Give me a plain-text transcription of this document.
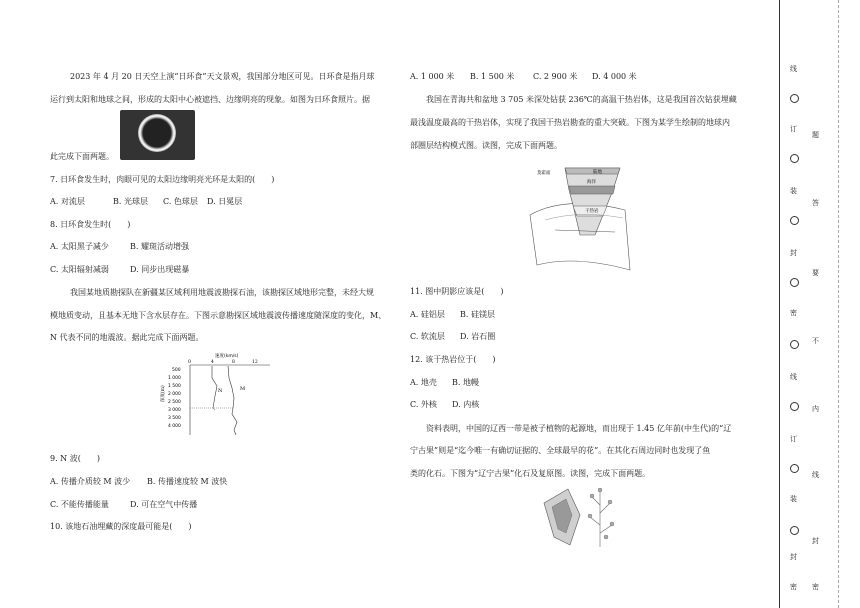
2023 年 4 月 20 日天空上演“日环食”天文景观，我国部分地区可见。日环食是指月球
运行到太阳和地球之间，形成的太阳中心被遮挡、边缘明亮的现象。如图为日环食照片。据
此完成下面两题。
7. 日环食发生时，肉眼可见的太阳边缘明亮光环是太阳的(　　)
A. 对流层	B. 光球层 C. 色球层 D. 日冕层
8. 日环食发生时(　　)
A. 太阳黑子减少	B. 耀斑活动增强
C. 太阳辐射减弱	D. 同步出现磁暴
我国某地质勘探队在新疆某区域利用地震波勘探石油，该勘探区域地形完整，未经大规
模地质变动，且基本无地下含水层存在。下图示意勘探区域地震波传播速度随深度的变化，M、
N 代表不同的地震波。据此完成下面两题。
速度(km/s)
0	4	8	12
500
1 000
1 500
2 000
2 500
3 000
3 500
4 000
深度(m)	N	M
9. N 波(　　)
A. 传播介质较 M 波少 B. 传播速度较 M 波快
C. 不能传播能量	D. 可在空气中传播
10. 该地石油埋藏的深度最可能是(　　)
A. 1 000 米 B. 1 500 米 C. 2 900 米 D. 4 000 米
我国在青海共和盆地 3 705 米深处钻获 236℃的高温干热岩体，这是我国首次钻获埋藏
最浅温度最高的干热岩体，实现了我国干热岩勘查的重大突破。下图为某学生绘制的地球内
部圈层结构模式图。读图，完成下面两题。
陆地
海洋
干热岩
莫霍面
11. 图中阴影应该是(　　)
A. 硅铝层 B. 硅镁层
C. 软流层 D. 岩石圈
12. 该干热岩位于(　　)
A. 地壳 B. 地幔
C. 外核 D. 内核
资料表明，中国的辽西一带是被子植物的起源地，而出现于 1.45 亿年前(中生代)的“辽
宁古果”则是“迄今唯一有确切证据的、全球最早的花”。在其化石周边同时也发现了鱼
类的化石。下图为“辽宁古果”化石及复原图。读图，完成下面两题。
线
订
装
封
密
线
订
装
封
密
题
答
要
不
内
线
封
密
